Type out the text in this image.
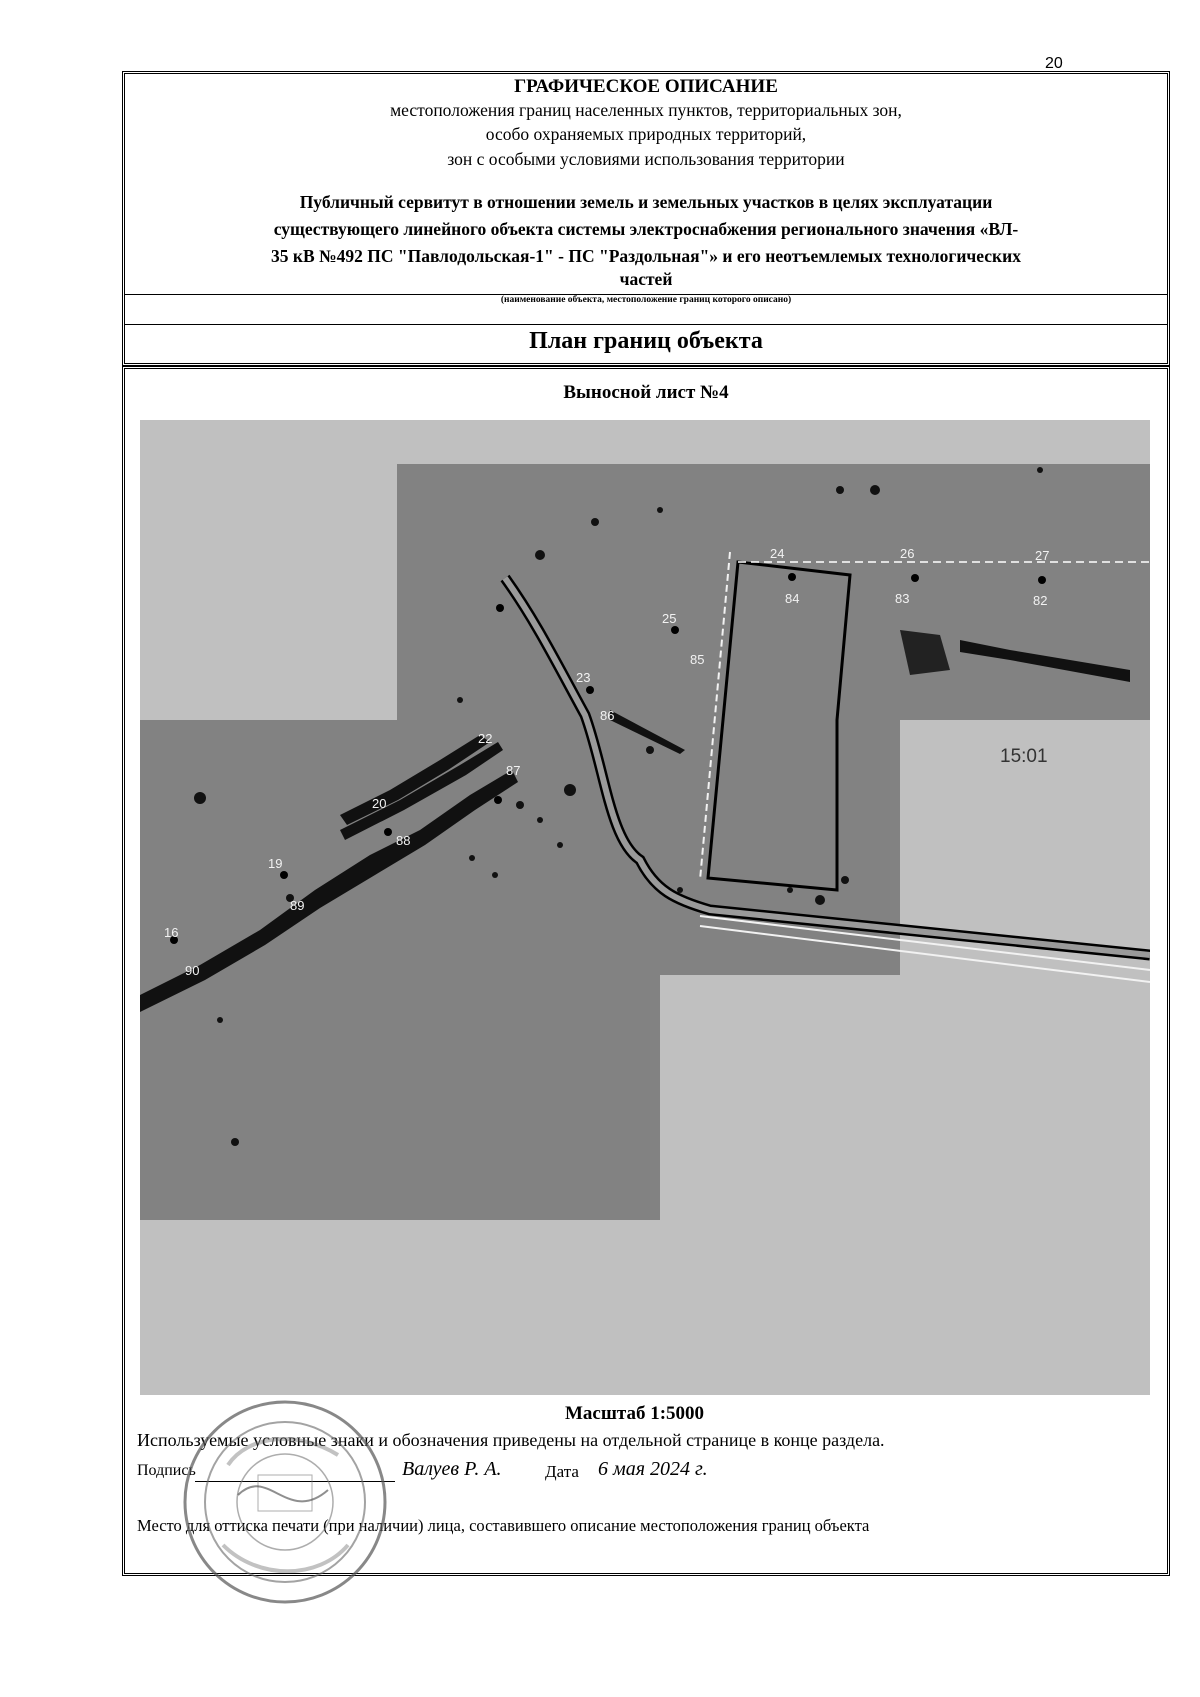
20
ГРАФИЧЕСКОЕ ОПИСАНИЕ
местоположения границ населенных пунктов, территориальных зон,
особо охраняемых природных территорий,
зон с особыми условиями использования территории
Публичный сервитут в отношении земель и земельных участков в целях эксплуатации
существующего линейного объекта системы электроснабжения регионального значения «ВЛ-
35 кВ №492 ПС "Павлодольская-1" - ПС "Раздольная"» и его неотъемлемых технологических
частей
(наименование объекта, местоположение границ которого описано)
План границ объекта
Выносной лист №4
24	26	27
84	83	82
25
85
23
86
22
87
20
88
19
89
16
90
15:01
Масштаб 1:5000
Используемые условные знаки и обозначения приведены на отдельной странице в конце раздела.
Подпись	Валуев Р. А.	Дата 6 мая 2024 г.
Место для оттиска печати (при наличии) лица, составившего описание местоположения границ объекта
